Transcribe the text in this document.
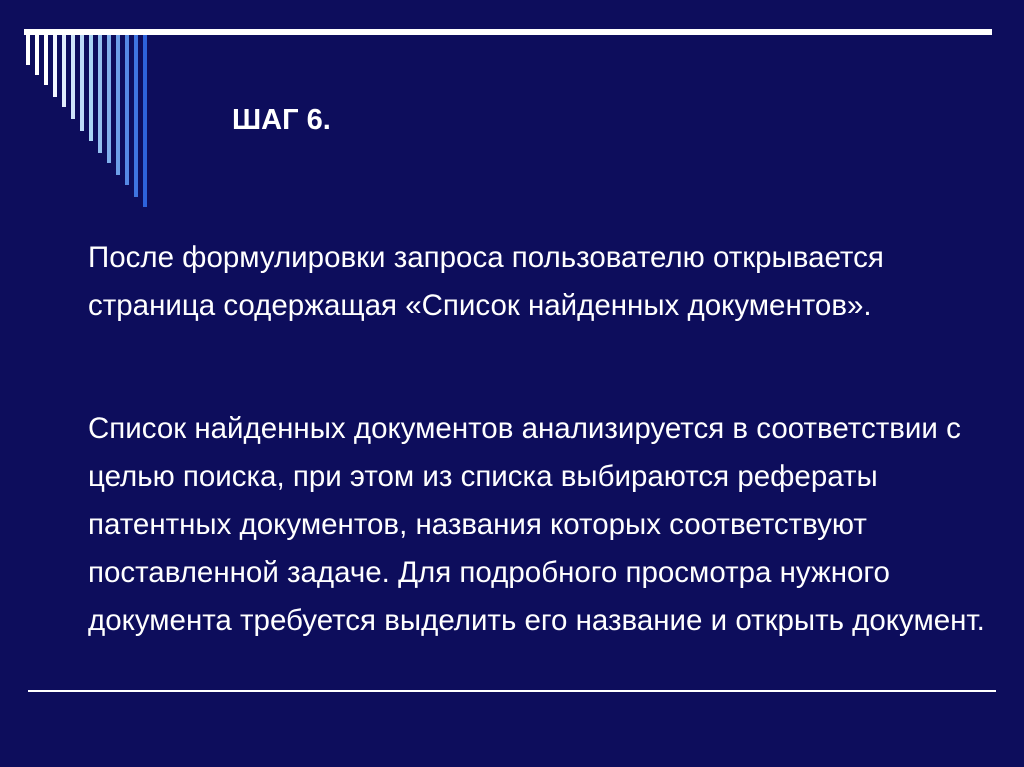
ШАГ 6.

После формулировки запроса пользователю открывается страница содержащая «Список найденных документов».

Список найденных документов анализируется в соответствии с целью поиска, при этом из списка выбираются рефераты патентных документов, названия которых соответствуют поставленной задаче. Для подробного просмотра нужного документа требуется выделить его название и открыть документ.
